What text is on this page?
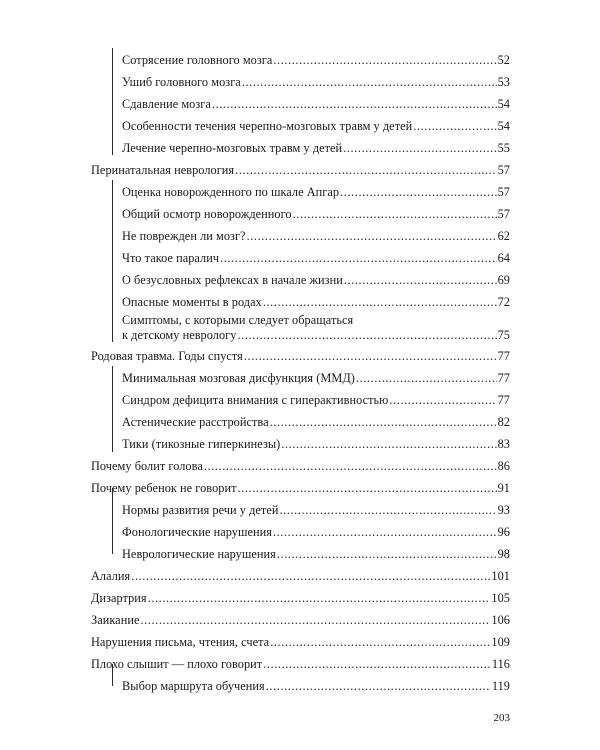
Сотрясение головного мозга .....	52
Ушиб головного мозга .....	53
Сдавление мозга .....	54
Особенности течения черепно-мозговых травм у детей .....	54
Лечение черепно-мозговых травм у детей .....	55
Перинатальная неврология .....	57
Оценка новорожденного по шкале Апгар .....	57
Общий осмотр новорожденного .....	57
Не поврежден ли мозг? .....	62
Что такое паралич .....	64
О безусловных рефлексах в начале жизни .....	69
Опасные моменты в родах .....	72
Симптомы, с которыми следует обращаться
к детскому неврологу .....	75
Родовая травма. Годы спустя .....	77
Минимальная мозговая дисфункция (ММД) .....	77
Синдром дефицита внимания с гиперактивностью .....	77
Астенические расстройства .....	82
Тики (тикозные гиперкинезы) .....	83
Почему болит голова .....	86
Почему ребенок не говорит .....	91
Нормы развития речи у детей .....	93
Фонологические нарушения .....	96
Неврологические нарушения .....	98
Алалия .....	101
Дизартрия .....	105
Заикание .....	106
Нарушения письма, чтения, счета .....	109
Плохо слышит — плохо говорит .....	116
Выбор маршрута обучения .....	119
203
